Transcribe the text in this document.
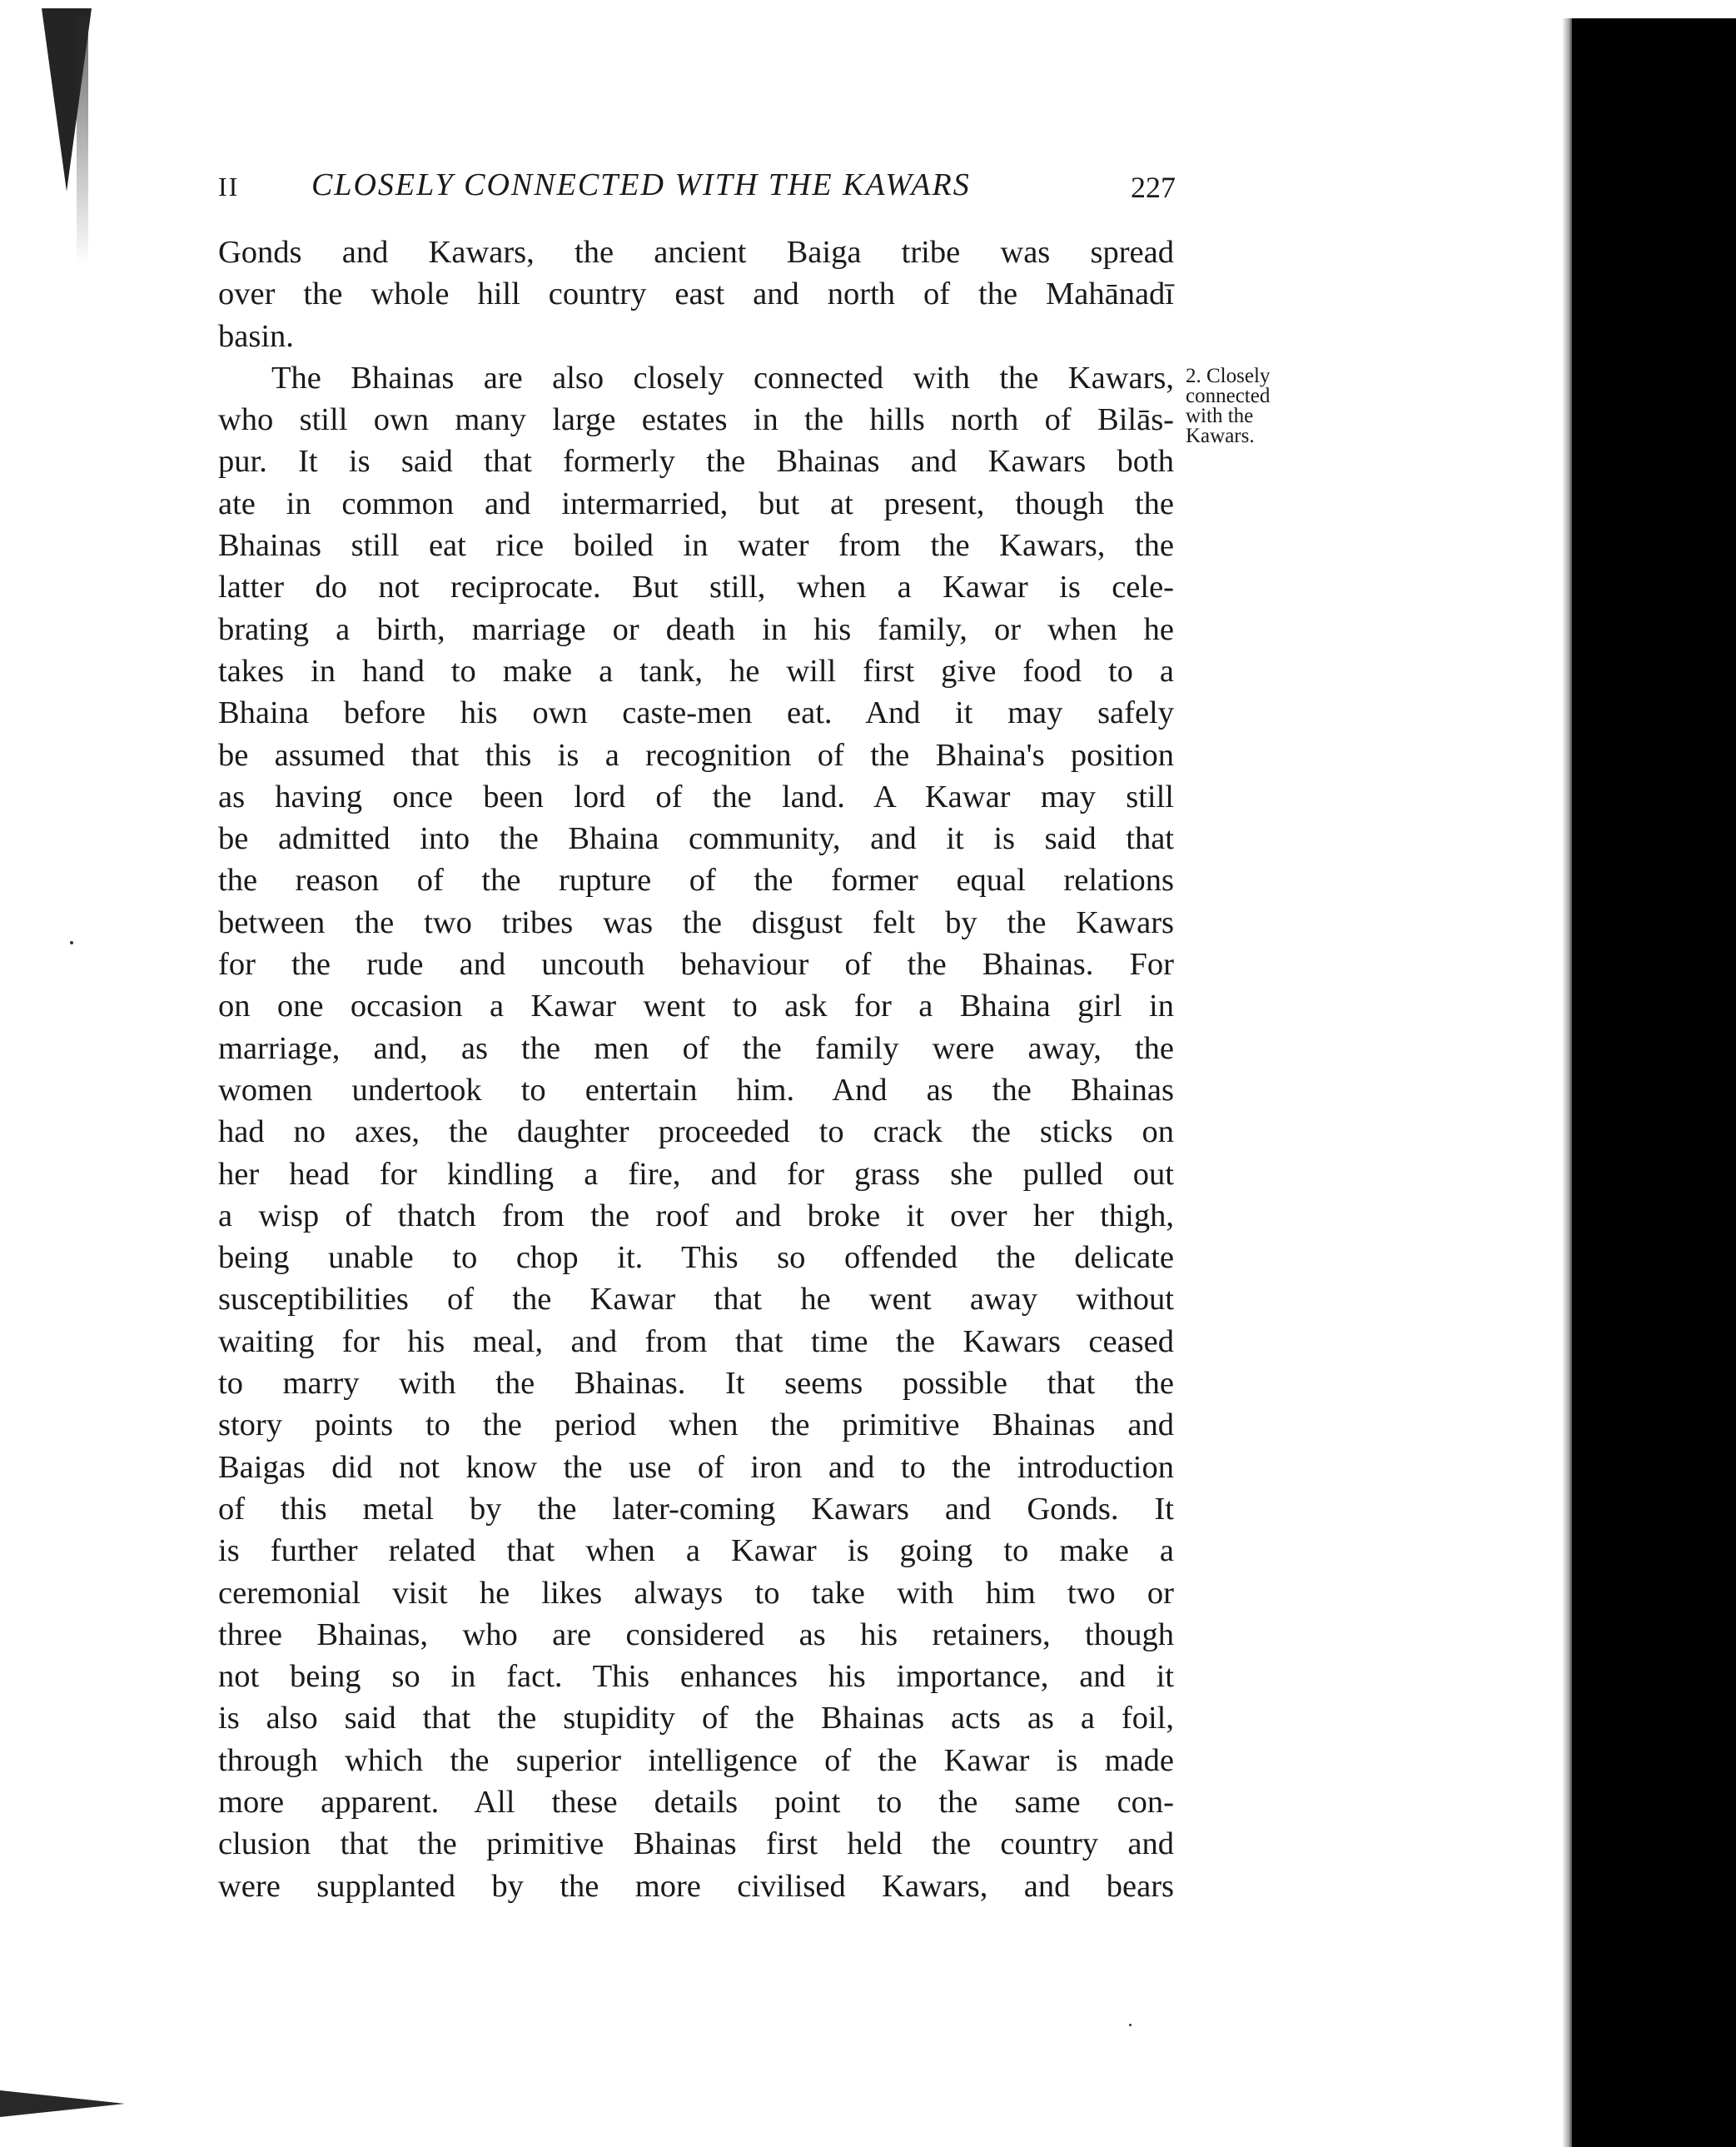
II CLOSELY CONNECTED WITH THE KAWARS	227
2. Closely
connected
with the
Kawars.
Gonds and Kawars, the ancient Baiga tribe was spread
over the whole hill country east and north of the Mahānadī
basin.
The Bhainas are also closely connected with the Kawars,
who still own many large estates in the hills north of Bilās-
pur. It is said that formerly the Bhainas and Kawars both
ate in common and intermarried, but at present, though the
Bhainas still eat rice boiled in water from the Kawars, the
latter do not reciprocate. But still, when a Kawar is cele-
brating a birth, marriage or death in his family, or when he
takes in hand to make a tank, he will first give food to a
Bhaina before his own caste-men eat. And it may safely
be assumed that this is a recognition of the Bhaina's position
as having once been lord of the land. A Kawar may still
be admitted into the Bhaina community, and it is said that
the reason of the rupture of the former equal relations
between the two tribes was the disgust felt by the Kawars
for the rude and uncouth behaviour of the Bhainas. For
on one occasion a Kawar went to ask for a Bhaina girl in
marriage, and, as the men of the family were away, the
women undertook to entertain him. And as the Bhainas
had no axes, the daughter proceeded to crack the sticks on
her head for kindling a fire, and for grass she pulled out
a wisp of thatch from the roof and broke it over her thigh,
being unable to chop it. This so offended the delicate
susceptibilities of the Kawar that he went away without
waiting for his meal, and from that time the Kawars ceased
to marry with the Bhainas. It seems possible that the
story points to the period when the primitive Bhainas and
Baigas did not know the use of iron and to the introduction
of this metal by the later-coming Kawars and Gonds. It
is further related that when a Kawar is going to make a
ceremonial visit he likes always to take with him two or
three Bhainas, who are considered as his retainers, though
not being so in fact. This enhances his importance, and it
is also said that the stupidity of the Bhainas acts as a foil,
through which the superior intelligence of the Kawar is made
more apparent. All these details point to the same con-
clusion that the primitive Bhainas first held the country and
were supplanted by the more civilised Kawars, and bears
